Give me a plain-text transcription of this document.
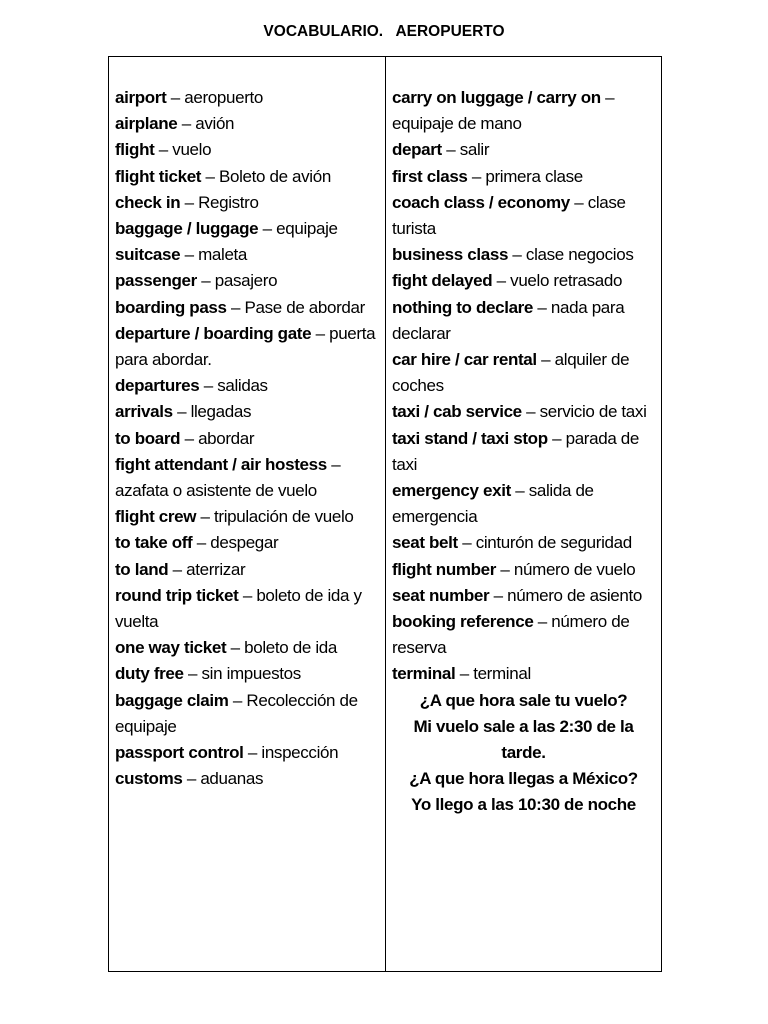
VOCABULARIO.   AEROPUERTO
airport – aeropuerto
airplane – avión
flight – vuelo
flight ticket – Boleto de avión
check in – Registro
baggage / luggage – equipaje
suitcase – maleta
passenger – pasajero
boarding pass – Pase de abordar
departure / boarding gate – puerta para abordar.
departures – salidas
arrivals – llegadas
to board – abordar
fight attendant / air hostess – azafata o asistente de vuelo
flight crew – tripulación de vuelo
to take off – despegar
to land – aterrizar
round trip ticket – boleto de ida y vuelta
one way ticket – boleto de ida
duty free – sin impuestos
baggage claim – Recolección de equipaje
passport control – inspección
customs – aduanas
carry on luggage / carry on – equipaje de mano
depart – salir
first class – primera clase
coach class / economy – clase turista
business class – clase negocios
fight delayed – vuelo retrasado
nothing to declare – nada para declarar
car hire / car rental – alquiler de coches
taxi / cab service – servicio de taxi
taxi stand / taxi stop – parada de taxi
emergency exit – salida de emergencia
seat belt – cinturón de seguridad
flight number – número de vuelo
seat number – número de asiento
booking reference – número de reserva
terminal – terminal
¿A que hora sale tu vuelo?
Mi vuelo sale a las 2:30 de la tarde.
¿A que hora llegas a México?
Yo llego a las 10:30 de noche
